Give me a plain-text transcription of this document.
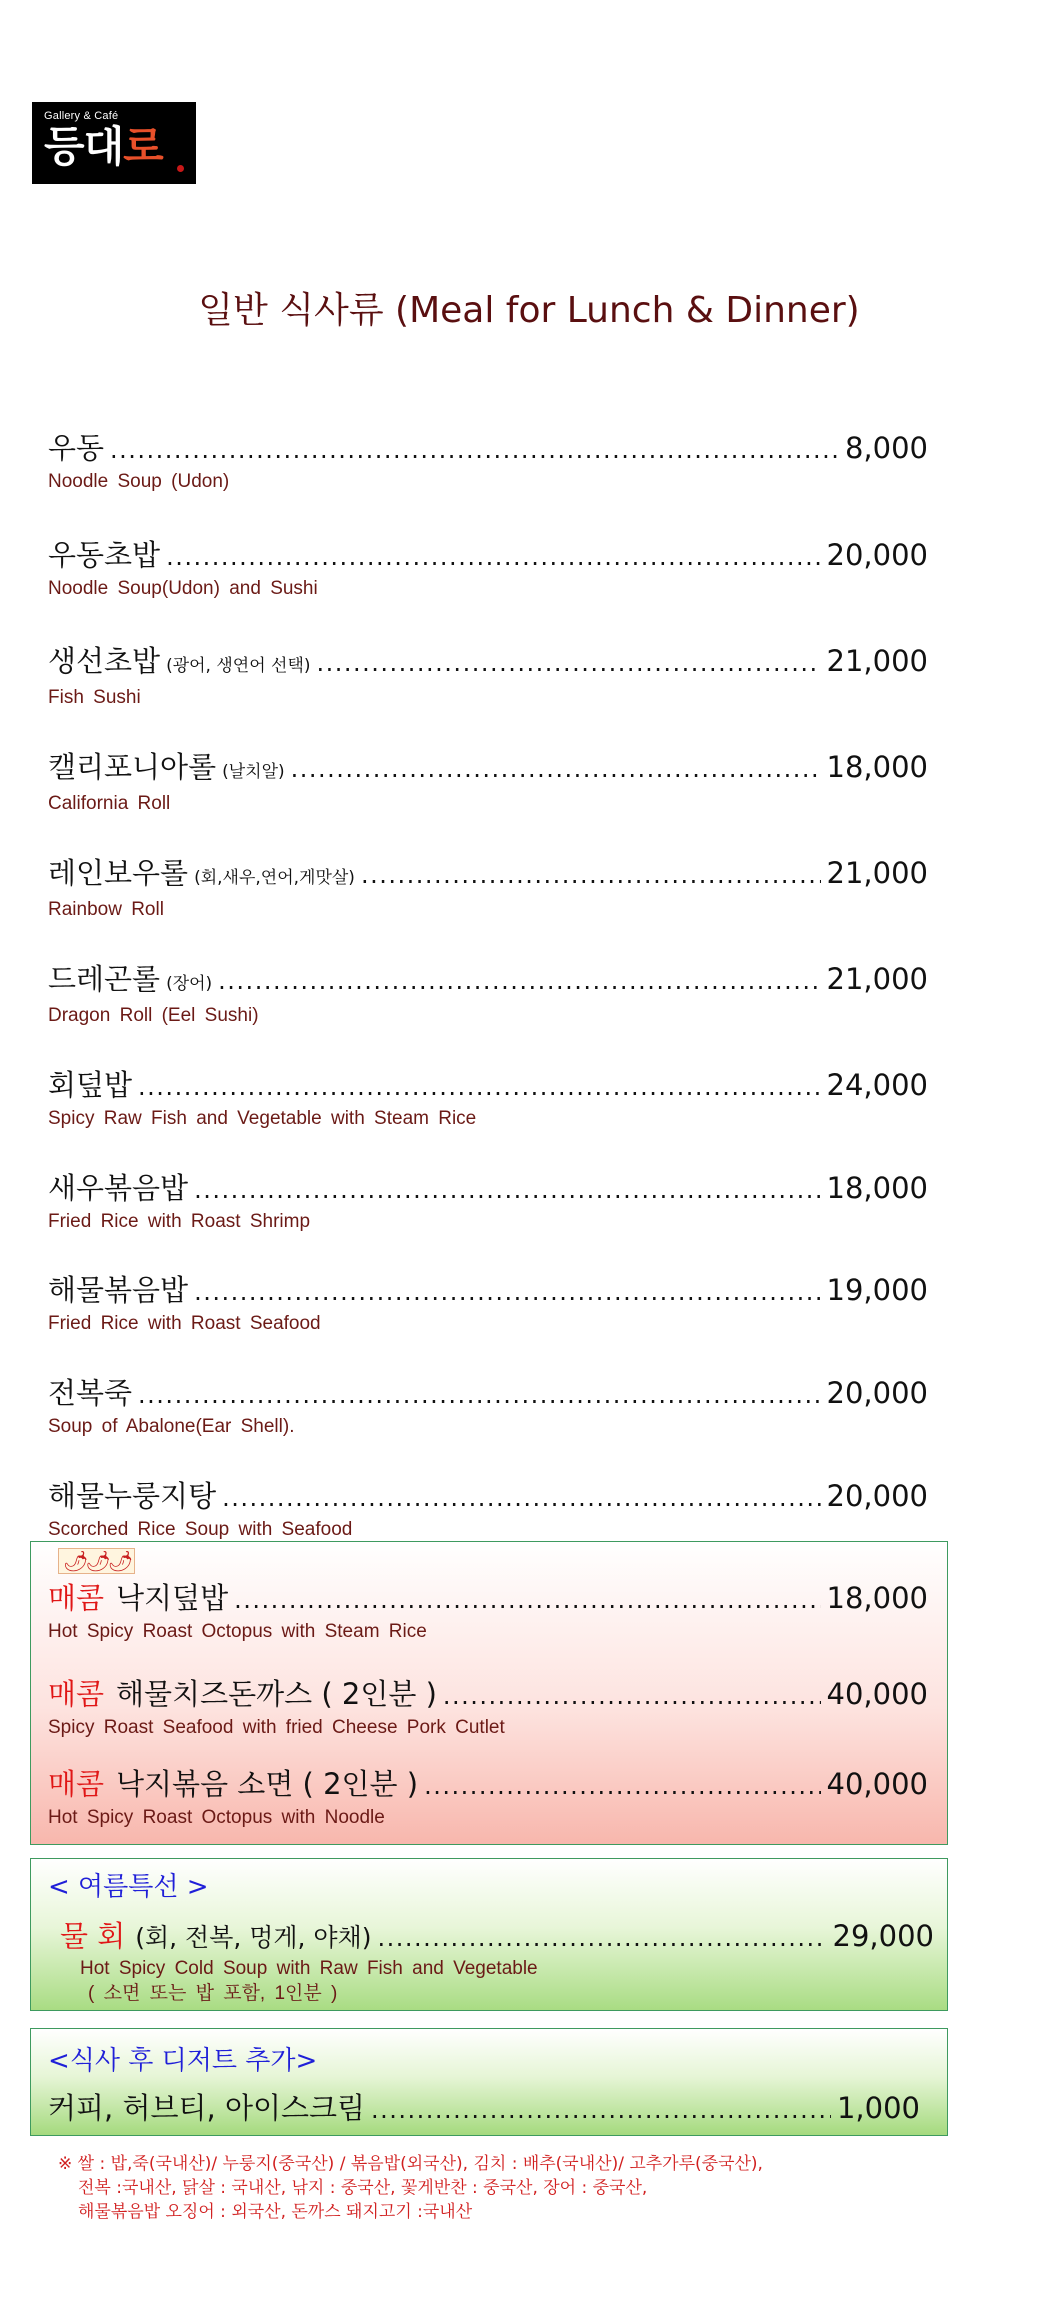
Gallery & Café
등대로
일반 식사류 (Meal for Lunch & Dinner)
우동 .....	8,000
Noodle Soup (Udon)
우동초밥 .....	20,000
Noodle Soup(Udon) and Sushi
생선초밥 (광어, 생연어 선택) .....	21,000
Fish Sushi
캘리포니아롤 (날치알) .....	18,000
California Roll
레인보우롤 (회,새우,연어,게맛살) .....	21,000
Rainbow Roll
드레곤롤 (장어) .....	21,000
Dragon Roll (Eel Sushi)
회덮밥 .....	24,000
Spicy Raw Fish and Vegetable with Steam Rice
새우볶음밥 .....	18,000
Fried Rice with Roast Shrimp
해물볶음밥 .....	19,000
Fried Rice with Roast Seafood
전복죽 .....	20,000
Soup of Abalone(Ear Shell).
해물누룽지탕 .....	20,000
Scorched Rice Soup with Seafood
🌶🌶🌶
매콤 낙지덮밥 .....	18,000
Hot Spicy Roast Octopus with Steam Rice
매콤 해물치즈돈까스 ( 2인분 ) .....	40,000
Spicy Roast Seafood with fried Cheese Pork Cutlet
매콤 낙지볶음 소면 ( 2인분 ) .....	40,000
Hot Spicy Roast Octopus with Noodle
< 여름특선 >
물 회 (회, 전복, 멍게, 야채) .....	29,000
Hot Spicy Cold Soup with Raw Fish and Vegetable
( 소면 또는 밥 포함, 1인분 )
<식사 후 디저트 추가>
커피, 허브티, 아이스크림 .....	1,000
※ 쌀 : 밥,죽(국내산)/ 누룽지(중국산) / 볶음밥(외국산), 김치 : 배추(국내산)/ 고추가루(중국산),
전복 :국내산, 닭살 : 국내산, 낚지 : 중국산, 꽃게반찬 : 중국산, 장어 : 중국산,
해물볶음밥 오징어 : 외국산, 돈까스 돼지고기 :국내산
